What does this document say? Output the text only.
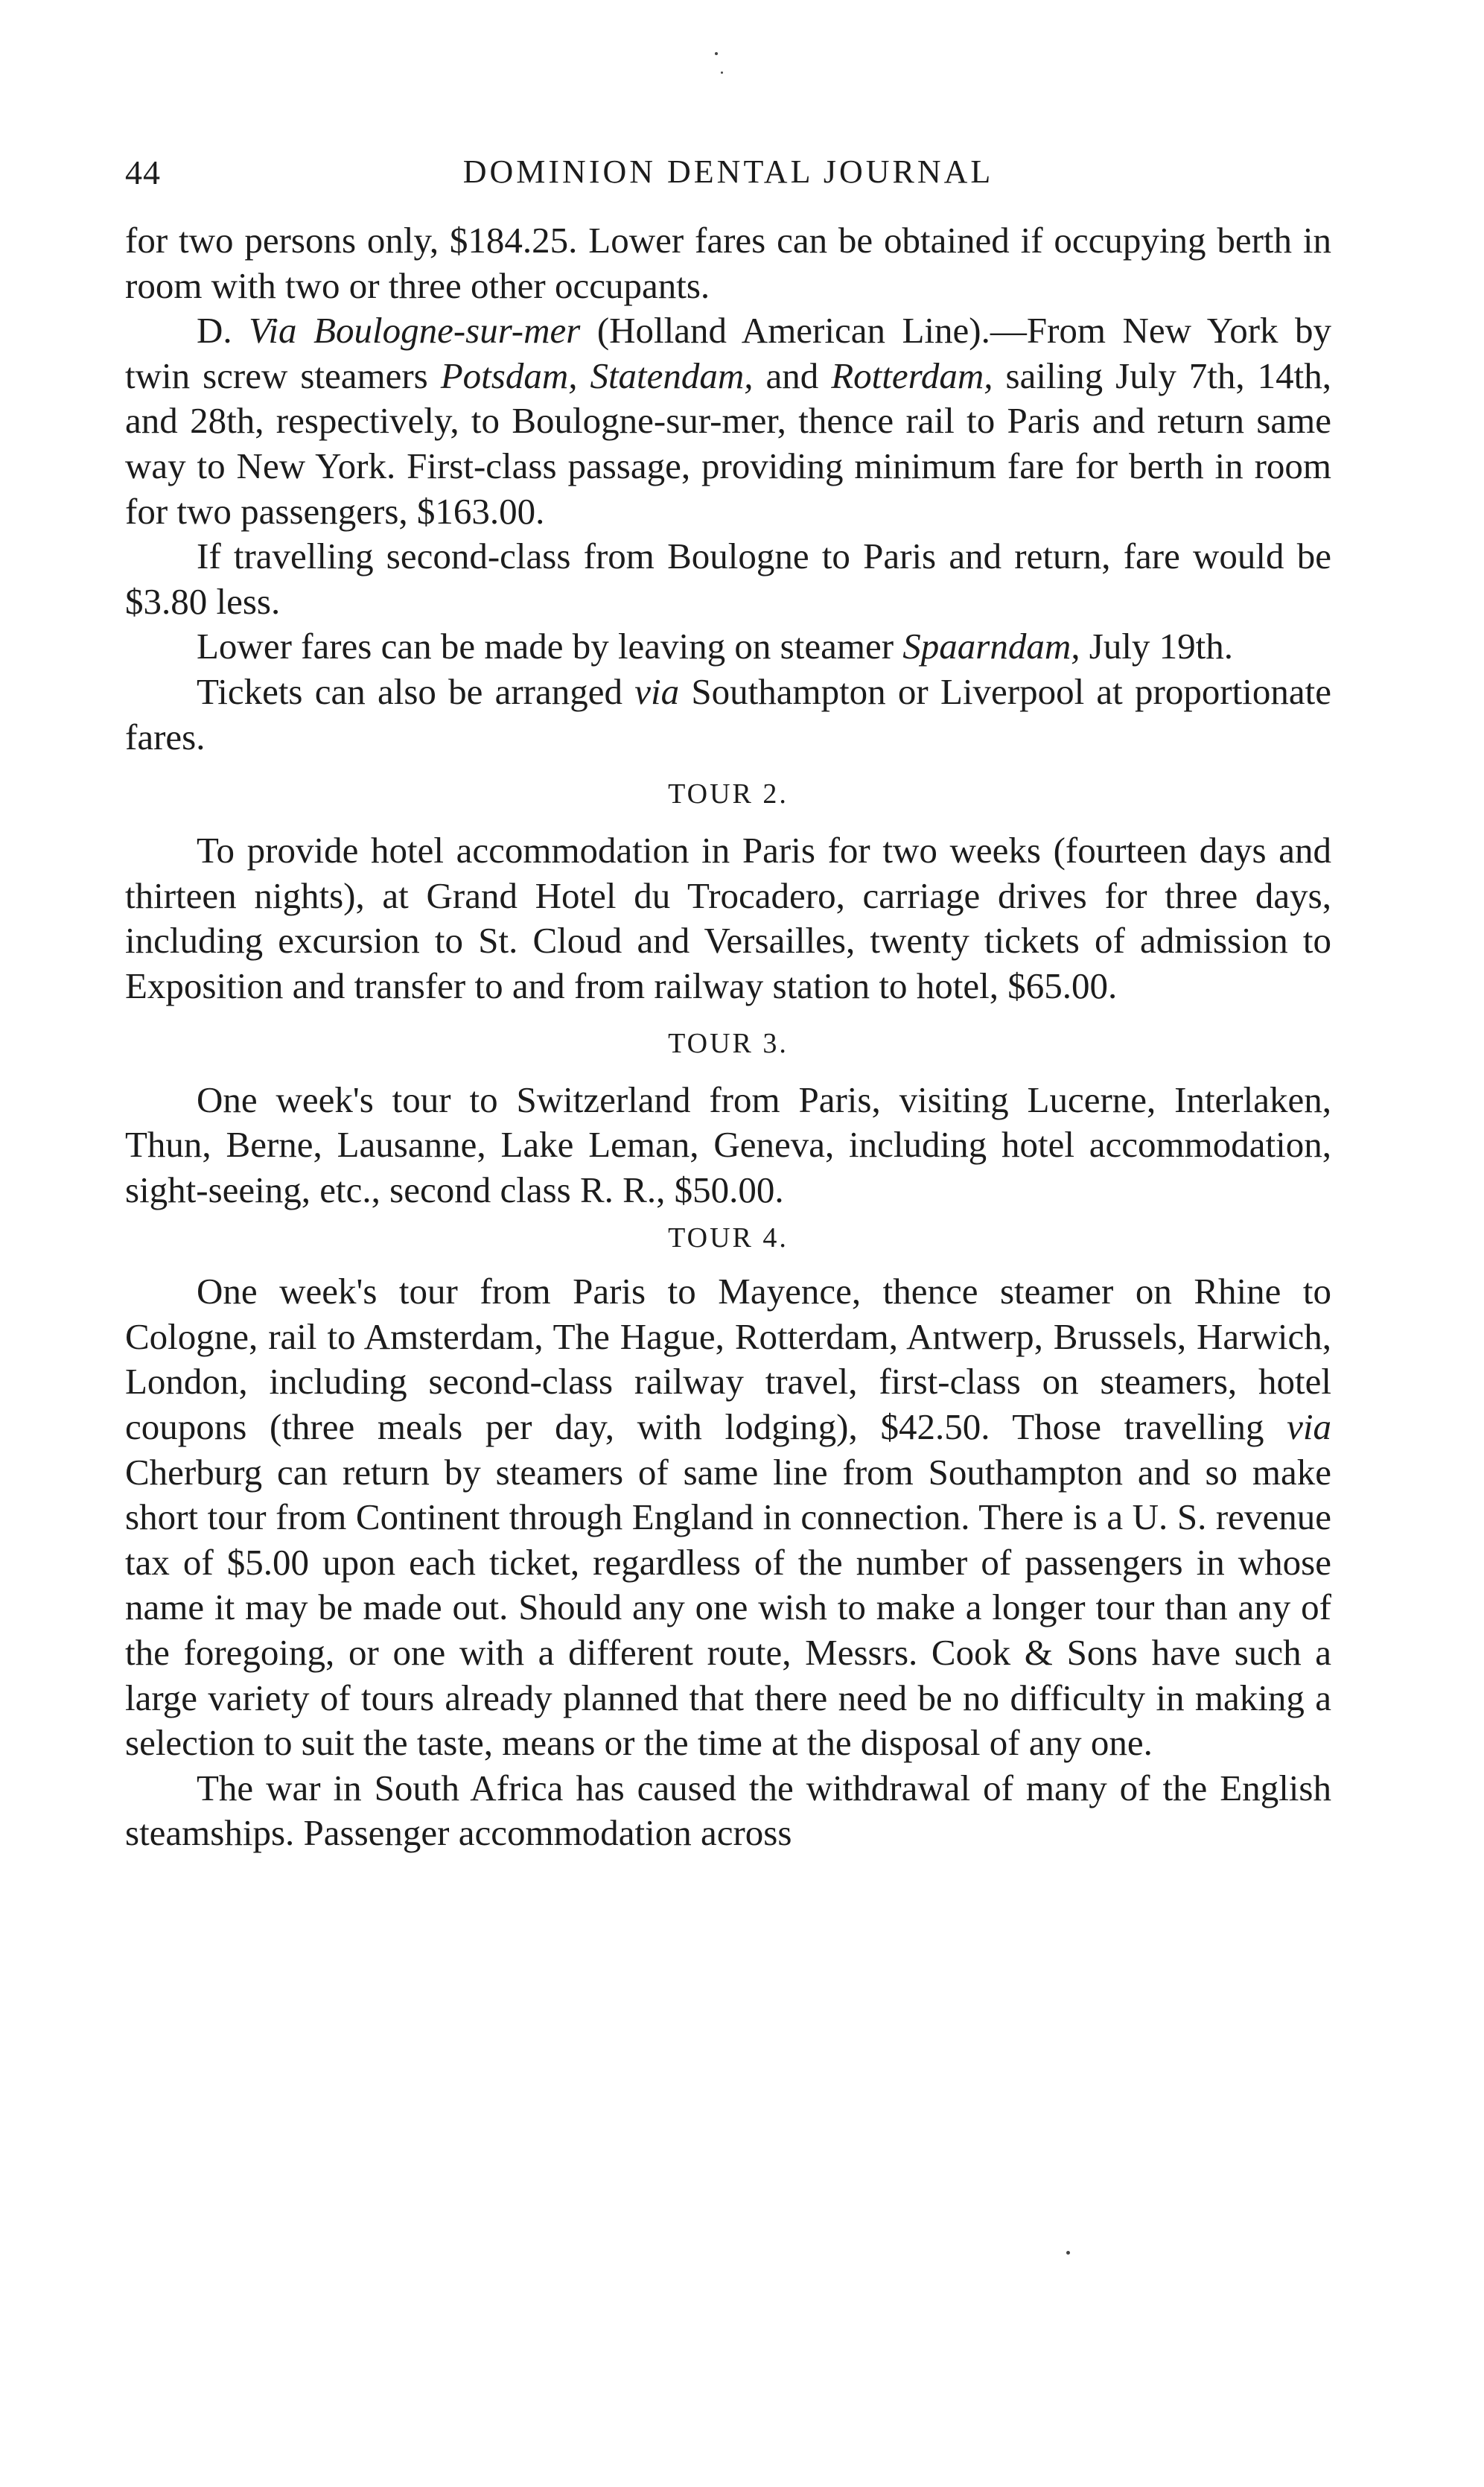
44	DOMINION DENTAL JOURNAL

for two persons only, $184.25. Lower fares can be obtained if occupying berth in room with two or three other occupants.

D. Via Boulogne-sur-mer (Holland American Line).—From New York by twin screw steamers Potsdam, Statendam, and Rotterdam, sailing July 7th, 14th, and 28th, respectively, to Boulogne-sur-mer, thence rail to Paris and return same way to New York. First-class passage, providing minimum fare for berth in room for two passengers, $163.00.

If travelling second-class from Boulogne to Paris and return, fare would be $3.80 less.

Lower fares can be made by leaving on steamer Spaarndam, July 19th.

Tickets can also be arranged via Southampton or Liverpool at proportionate fares.

TOUR 2.

To provide hotel accommodation in Paris for two weeks (fourteen days and thirteen nights), at Grand Hotel du Trocadero, carriage drives for three days, including excursion to St. Cloud and Versailles, twenty tickets of admission to Exposition and transfer to and from railway station to hotel, $65.00.

TOUR 3.

One week's tour to Switzerland from Paris, visiting Lucerne, Interlaken, Thun, Berne, Lausanne, Lake Leman, Geneva, including hotel accommodation, sight-seeing, etc., second class R. R., $50.00.

TOUR 4.

One week's tour from Paris to Mayence, thence steamer on Rhine to Cologne, rail to Amsterdam, The Hague, Rotterdam, Antwerp, Brussels, Harwich, London, including second-class railway travel, first-class on steamers, hotel coupons (three meals per day, with lodging), $42.50. Those travelling via Cherburg can return by steamers of same line from Southampton and so make short tour from Continent through England in connection. There is a U. S. revenue tax of $5.00 upon each ticket, regardless of the number of passengers in whose name it may be made out. Should any one wish to make a longer tour than any of the foregoing, or one with a different route, Messrs. Cook & Sons have such a large variety of tours already planned that there need be no difficulty in making a selection to suit the taste, means or the time at the disposal of any one.

The war in South Africa has caused the withdrawal of many of the English steamships. Passenger accommodation across
